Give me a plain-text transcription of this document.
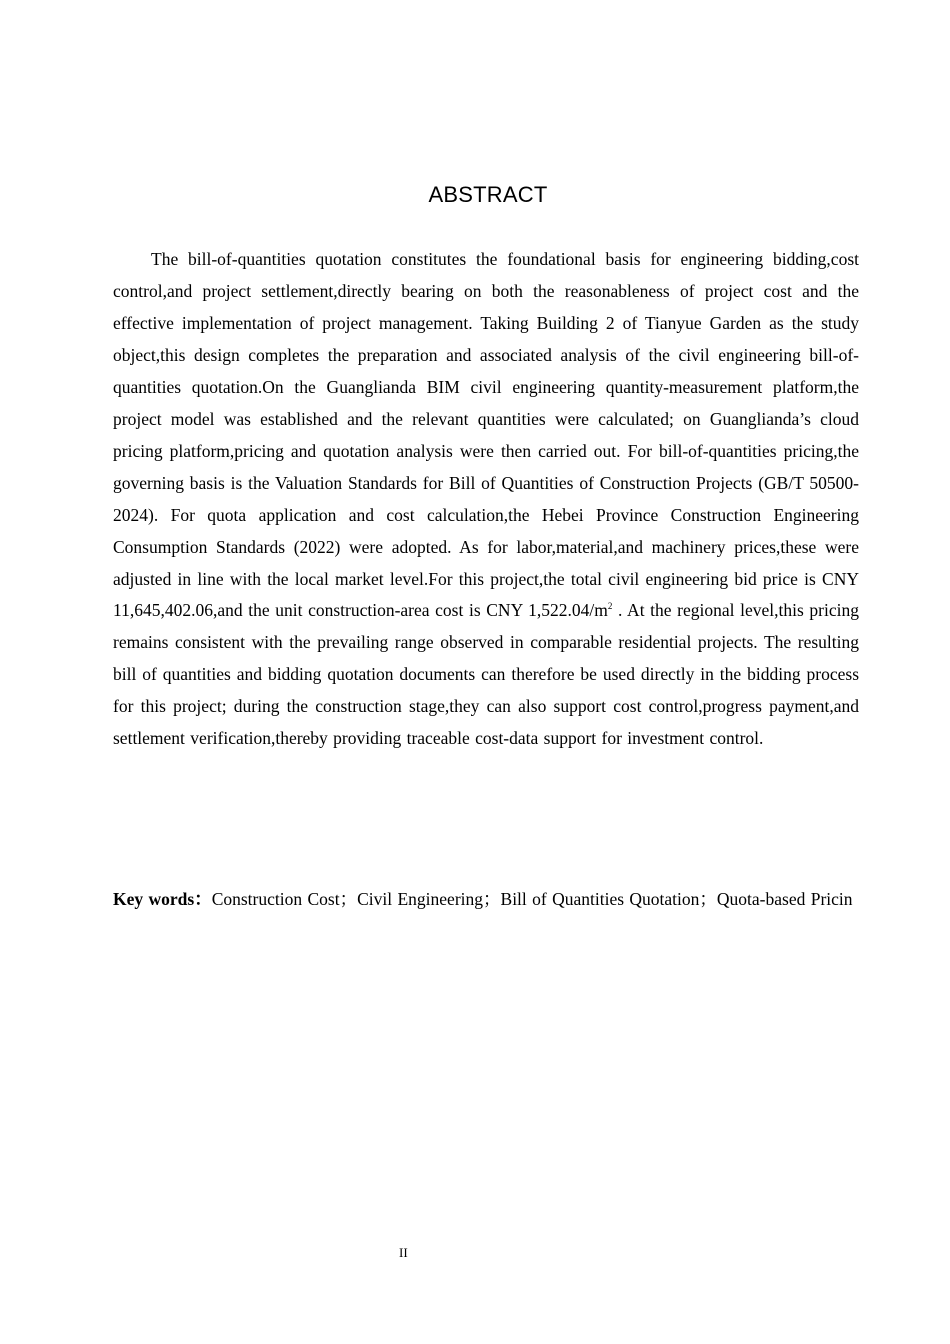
ABSTRACT

The bill-of-quantities quotation constitutes the foundational basis for engineering bidding,cost control,and project settlement,directly bearing on both the reasonableness of project cost and the effective implementation of project management. Taking Building 2 of Tianyue Garden as the study object,this design completes the preparation and associated analysis of the civil engineering bill-of-quantities quotation.On the Guanglianda BIM civil engineering quantity-measurement platform,the project model was established and the relevant quantities were calculated; on Guanglianda’s cloud pricing platform,pricing and quotation analysis were then carried out. For bill-of-quantities pricing,the governing basis is the Valuation Standards for Bill of Quantities of Construction Projects (GB/T 50500-2024). For quota application and cost calculation,the Hebei Province Construction Engineering Consumption Standards (2022) were adopted. As for labor,material,and machinery prices,these were adjusted in line with the local market level.For this project,the total civil engineering bid price is CNY 11,645,402.06,and the unit construction-area cost is CNY $1,522.04/m^2$ . At the regional level,this pricing remains consistent with the prevailing range observed in comparable residential projects. The resulting bill of quantities and bidding quotation documents can therefore be used directly in the bidding process for this project; during the construction stage,they can also support cost control,progress payment,and settlement verification,thereby providing traceable cost-data support for investment control.

Key words：Construction Cost；Civil Engineering；Bill of Quantities Quotation；Quota-based Pricin

II
